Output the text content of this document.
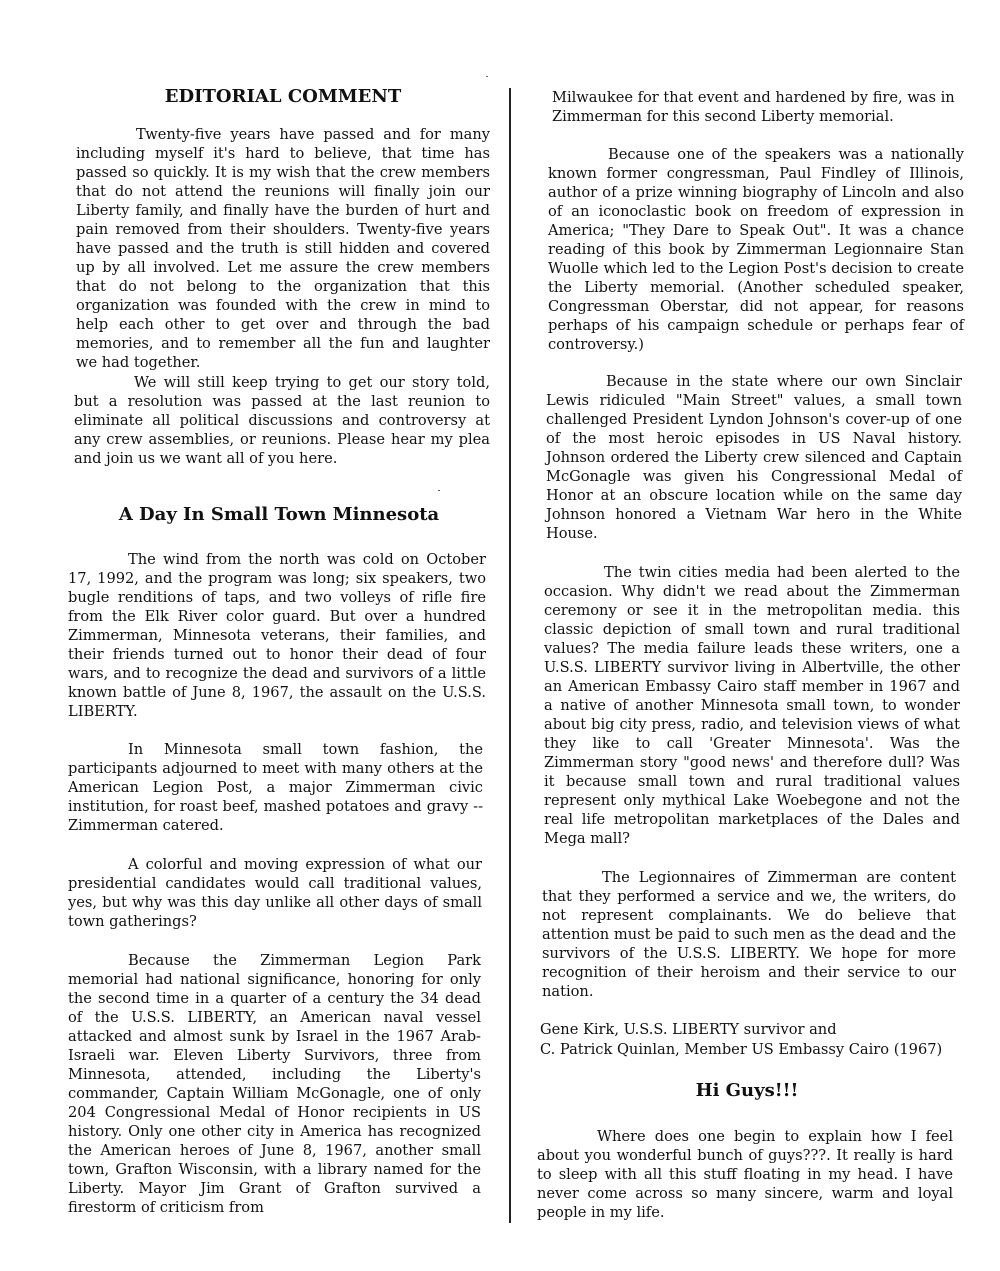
EDITORIAL COMMENT

Twenty-five years have passed and for many including myself it's hard to believe, that time has passed so quickly. It is my wish that the crew members that do not attend the reunions will finally join our Liberty family, and finally have the burden of hurt and pain removed from their shoulders. Twenty-five years have passed and the truth is still hidden and covered up by all involved. Let me assure the crew members that do not belong to the organization that this organization was founded with the crew in mind to help each other to get over and through the bad memories, and to remember all the fun and laughter we had together.

We will still keep trying to get our story told, but a resolution was passed at the last reunion to eliminate all political discussions and controversy at any crew assemblies, or reunions. Please hear my plea and join us we want all of you here.

A Day In Small Town Minnesota

The wind from the north was cold on October 17, 1992, and the program was long; six speakers, two bugle renditions of taps, and two volleys of rifle fire from the Elk River color guard. But over a hundred Zimmerman, Minnesota veterans, their families, and their friends turned out to honor their dead of four wars, and to recognize the dead and survivors of a little known battle of June 8, 1967, the assault on the U.S.S. LIBERTY.

In Minnesota small town fashion, the participants adjourned to meet with many others at the American Legion Post, a major Zimmerman civic institution, for roast beef, mashed potatoes and gravy -- Zimmerman catered.

A colorful and moving expression of what our presidential candidates would call traditional values, yes, but why was this day unlike all other days of small town gatherings?

Because the Zimmerman Legion Park memorial had national significance, honoring for only the second time in a quarter of a century the 34 dead of the U.S.S. LIBERTY, an American naval vessel attacked and almost sunk by Israel in the 1967 Arab-Israeli war. Eleven Liberty Survivors, three from Minnesota, attended, including the Liberty's commander, Captain William McGonagle, one of only 204 Congressional Medal of Honor recipients in US history. Only one other city in America has recognized the American heroes of June 8, 1967, another small town, Grafton Wisconsin, with a library named for the Liberty. Mayor Jim Grant of Grafton survived a firestorm of criticism from

Milwaukee for that event and hardened by fire, was in Zimmerman for this second Liberty memorial.

Because one of the speakers was a nationally known former congressman, Paul Findley of Illinois, author of a prize winning biography of Lincoln and also of an iconoclastic book on freedom of expression in America; "They Dare to Speak Out". It was a chance reading of this book by Zimmerman Legionnaire Stan Wuolle which led to the Legion Post's decision to create the Liberty memorial. (Another scheduled speaker, Congressman Oberstar, did not appear, for reasons perhaps of his campaign schedule or perhaps fear of controversy.)

Because in the state where our own Sinclair Lewis ridiculed "Main Street" values, a small town challenged President Lyndon Johnson's cover-up of one of the most heroic episodes in US Naval history. Johnson ordered the Liberty crew silenced and Captain McGonagle was given his Congressional Medal of Honor at an obscure location while on the same day Johnson honored a Vietnam War hero in the White House.

The twin cities media had been alerted to the occasion. Why didn't we read about the Zimmerman ceremony or see it in the metropolitan media. this classic depiction of small town and rural traditional values? The media failure leads these writers, one a U.S.S. LIBERTY survivor living in Albertville, the other an American Embassy Cairo staff member in 1967 and a native of another Minnesota small town, to wonder about big city press, radio, and television views of what they like to call 'Greater Minnesota'. Was the Zimmerman story "good news' and therefore dull? Was it because small town and rural traditional values represent only mythical Lake Woebegone and not the real life metropolitan marketplaces of the Dales and Mega mall?

The Legionnaires of Zimmerman are content that they performed a service and we, the writers, do not represent complainants. We do believe that attention must be paid to such men as the dead and the survivors of the U.S.S. LIBERTY. We hope for more recognition of their heroism and their service to our nation.

Gene Kirk, U.S.S. LIBERTY survivor and

C. Patrick Quinlan, Member US Embassy Cairo (1967)

Hi Guys!!!

Where does one begin to explain how I feel about you wonderful bunch of guys???. It really is hard to sleep with all this stuff floating in my head. I have never come across so many sincere, warm and loyal people in my life.
